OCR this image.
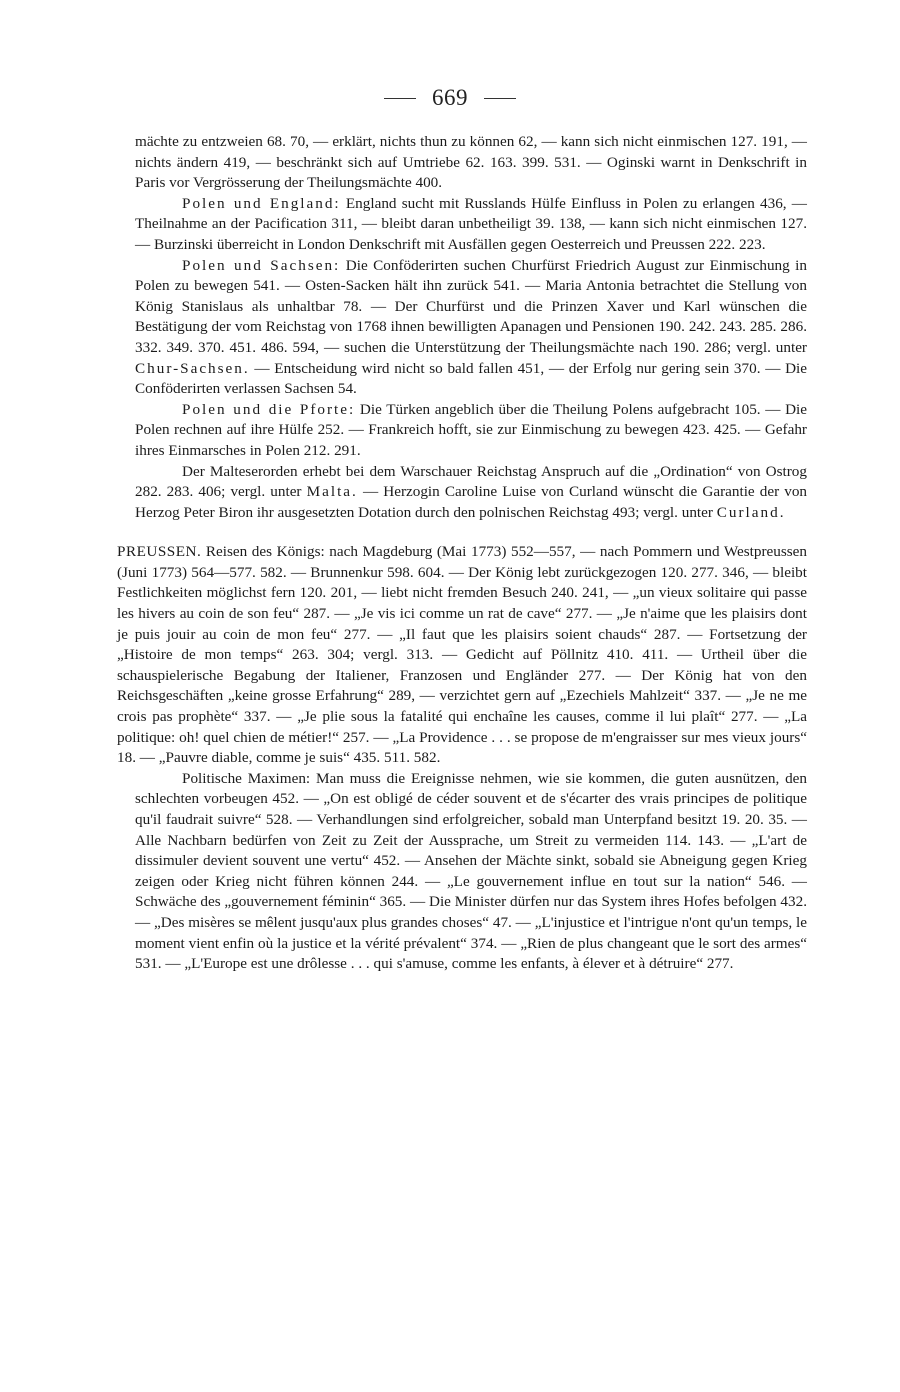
669

mächte zu entzweien 68. 70, — erklärt, nichts thun zu können 62, — kann sich nicht einmischen 127. 191, — nichts ändern 419, — beschränkt sich auf Umtriebe 62. 163. 399. 531. — Oginski warnt in Denkschrift in Paris vor Vergrösserung der Theilungsmächte 400.

Polen und England: England sucht mit Russlands Hülfe Einfluss in Polen zu erlangen 436, — Theilnahme an der Pacification 311, — bleibt daran unbetheiligt 39. 138, — kann sich nicht einmischen 127. — Burzinski überreicht in London Denkschrift mit Ausfällen gegen Oesterreich und Preussen 222. 223.

Polen und Sachsen: Die Conföderirten suchen Churfürst Friedrich August zur Einmischung in Polen zu bewegen 541. — Osten-Sacken hält ihn zurück 541. — Maria Antonia betrachtet die Stellung von König Stanislaus als unhaltbar 78. — Der Churfürst und die Prinzen Xaver und Karl wünschen die Bestätigung der vom Reichstag von 1768 ihnen bewilligten Apanagen und Pensionen 190. 242. 243. 285. 286. 332. 349. 370. 451. 486. 594, — suchen die Unterstützung der Theilungsmächte nach 190. 286; vergl. unter Chur-Sachsen. — Entscheidung wird nicht so bald fallen 451, — der Erfolg nur gering sein 370. — Die Conföderirten verlassen Sachsen 54.

Polen und die Pforte: Die Türken angeblich über die Theilung Polens aufgebracht 105. — Die Polen rechnen auf ihre Hülfe 252. — Frankreich hofft, sie zur Einmischung zu bewegen 423. 425. — Gefahr ihres Einmarsches in Polen 212. 291.

Der Malteserorden erhebt bei dem Warschauer Reichstag Anspruch auf die „Ordination“ von Ostrog 282. 283. 406; vergl. unter Malta. — Herzogin Caroline Luise von Curland wünscht die Garantie der von Herzog Peter Biron ihr ausgesetzten Dotation durch den polnischen Reichstag 493; vergl. unter Curland.

PREUSSEN. Reisen des Königs: nach Magdeburg (Mai 1773) 552—557, — nach Pommern und Westpreussen (Juni 1773) 564—577. 582. — Brunnenkur 598. 604. — Der König lebt zurückgezogen 120. 277. 346, — bleibt Festlichkeiten möglichst fern 120. 201, — liebt nicht fremden Besuch 240. 241, — „un vieux solitaire qui passe les hivers au coin de son feu“ 287. — „Je vis ici comme un rat de cave“ 277. — „Je n'aime que les plaisirs dont je puis jouir au coin de mon feu“ 277. — „Il faut que les plaisirs soient chauds“ 287. — Fortsetzung der „Histoire de mon temps“ 263. 304; vergl. 313. — Gedicht auf Pöllnitz 410. 411. — Urtheil über die schauspielerische Begabung der Italiener, Franzosen und Engländer 277. — Der König hat von den Reichsgeschäften „keine grosse Erfahrung“ 289, — verzichtet gern auf „Ezechiels Mahlzeit“ 337. — „Je ne me crois pas prophète“ 337. — „Je plie sous la fatalité qui enchaîne les causes, comme il lui plaît“ 277. — „La politique: oh! quel chien de métier!“ 257. — „La Providence . . . se propose de m'engraisser sur mes vieux jours“ 18. — „Pauvre diable, comme je suis“ 435. 511. 582.

Politische Maximen: Man muss die Ereignisse nehmen, wie sie kommen, die guten ausnützen, den schlechten vorbeugen 452. — „On est obligé de céder souvent et de s'écarter des vrais principes de politique qu'il faudrait suivre“ 528. — Verhandlungen sind erfolgreicher, sobald man Unterpfand besitzt 19. 20. 35. — Alle Nachbarn bedürfen von Zeit zu Zeit der Aussprache, um Streit zu vermeiden 114. 143. — „L'art de dissimuler devient souvent une vertu“ 452. — Ansehen der Mächte sinkt, sobald sie Abneigung gegen Krieg zeigen oder Krieg nicht führen können 244. — „Le gouvernement influe en tout sur la nation“ 546. — Schwäche des „gouvernement féminin“ 365. — Die Minister dürfen nur das System ihres Hofes befolgen 432. — „Des misères se mêlent jusqu'aux plus grandes choses“ 47. — „L'injustice et l'intrigue n'ont qu'un temps, le moment vient enfin où la justice et la vérité prévalent“ 374. — „Rien de plus changeant que le sort des armes“ 531. — „L'Europe est une drôlesse . . . qui s'amuse, comme les enfants, à élever et à détruire“ 277.
